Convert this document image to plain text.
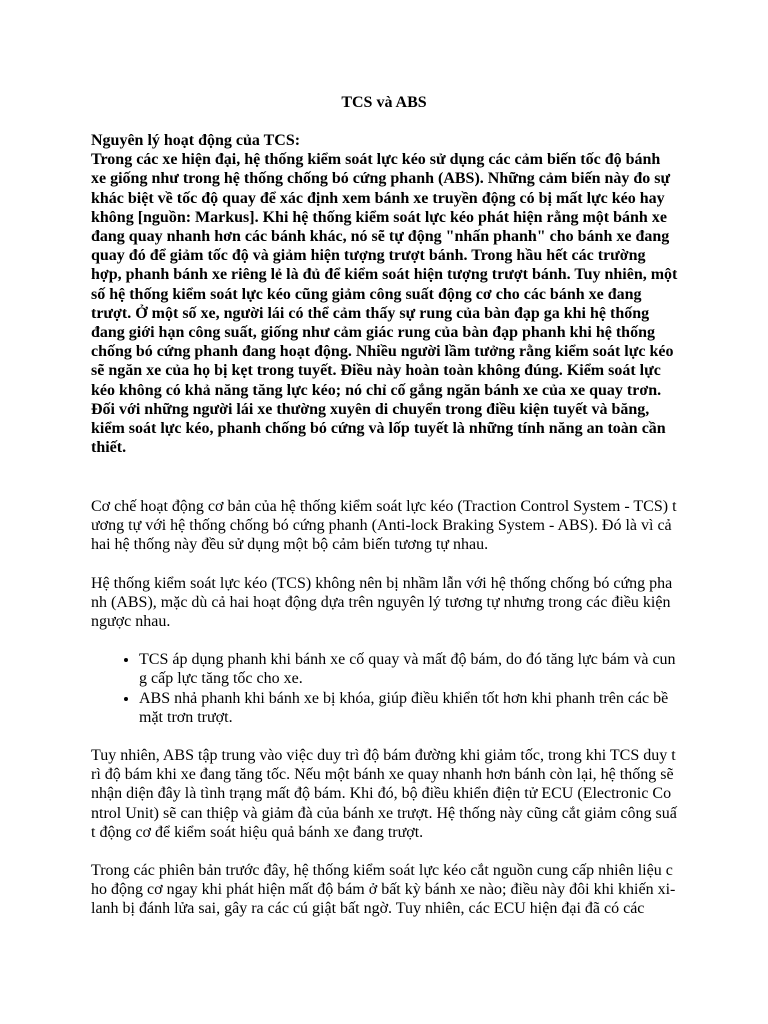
TCS và ABS

Nguyên lý hoạt động của TCS:

Trong các xe hiện đại, hệ thống kiểm soát lực kéo sử dụng các cảm biến tốc độ bánh xe giống như trong hệ thống chống bó cứng phanh (ABS). Những cảm biến này đo sự khác biệt về tốc độ quay để xác định xem bánh xe truyền động có bị mất lực kéo hay không [nguồn: Markus]. Khi hệ thống kiểm soát lực kéo phát hiện rằng một bánh xe đang quay nhanh hơn các bánh khác, nó sẽ tự động "nhấn phanh" cho bánh xe đang quay đó để giảm tốc độ và giảm hiện tượng trượt bánh. Trong hầu hết các trường hợp, phanh bánh xe riêng lẻ là đủ để kiểm soát hiện tượng trượt bánh. Tuy nhiên, một số hệ thống kiểm soát lực kéo cũng giảm công suất động cơ cho các bánh xe đang trượt. Ở một số xe, người lái có thể cảm thấy sự rung của bàn đạp ga khi hệ thống đang giới hạn công suất, giống như cảm giác rung của bàn đạp phanh khi hệ thống chống bó cứng phanh đang hoạt động. Nhiều người lầm tưởng rằng kiểm soát lực kéo sẽ ngăn xe của họ bị kẹt trong tuyết. Điều này hoàn toàn không đúng. Kiểm soát lực kéo không có khả năng tăng lực kéo; nó chỉ cố gắng ngăn bánh xe của xe quay trơn. Đối với những người lái xe thường xuyên di chuyển trong điều kiện tuyết và băng, kiểm soát lực kéo, phanh chống bó cứng và lốp tuyết là những tính năng an toàn cần thiết.

Cơ chế hoạt động cơ bản của hệ thống kiểm soát lực kéo (Traction Control System - TCS) tương tự với hệ thống chống bó cứng phanh (Anti-lock Braking System - ABS). Đó là vì cả hai hệ thống này đều sử dụng một bộ cảm biến tương tự nhau.

Hệ thống kiểm soát lực kéo (TCS) không nên bị nhầm lẫn với hệ thống chống bó cứng phanh (ABS), mặc dù cả hai hoạt động dựa trên nguyên lý tương tự nhưng trong các điều kiện ngược nhau.

• TCS áp dụng phanh khi bánh xe cố quay và mất độ bám, do đó tăng lực bám và cung cấp lực tăng tốc cho xe.
• ABS nhả phanh khi bánh xe bị khóa, giúp điều khiển tốt hơn khi phanh trên các bề mặt trơn trượt.

Tuy nhiên, ABS tập trung vào việc duy trì độ bám đường khi giảm tốc, trong khi TCS duy trì độ bám khi xe đang tăng tốc. Nếu một bánh xe quay nhanh hơn bánh còn lại, hệ thống sẽ nhận diện đây là tình trạng mất độ bám. Khi đó, bộ điều khiển điện tử ECU (Electronic Control Unit) sẽ can thiệp và giảm đà của bánh xe trượt. Hệ thống này cũng cắt giảm công suất động cơ để kiểm soát hiệu quả bánh xe đang trượt.

Trong các phiên bản trước đây, hệ thống kiểm soát lực kéo cắt nguồn cung cấp nhiên liệu cho động cơ ngay khi phát hiện mất độ bám ở bất kỳ bánh xe nào; điều này đôi khi khiến xi-lanh bị đánh lửa sai, gây ra các cú giật bất ngờ. Tuy nhiên, các ECU hiện đại đã có các
